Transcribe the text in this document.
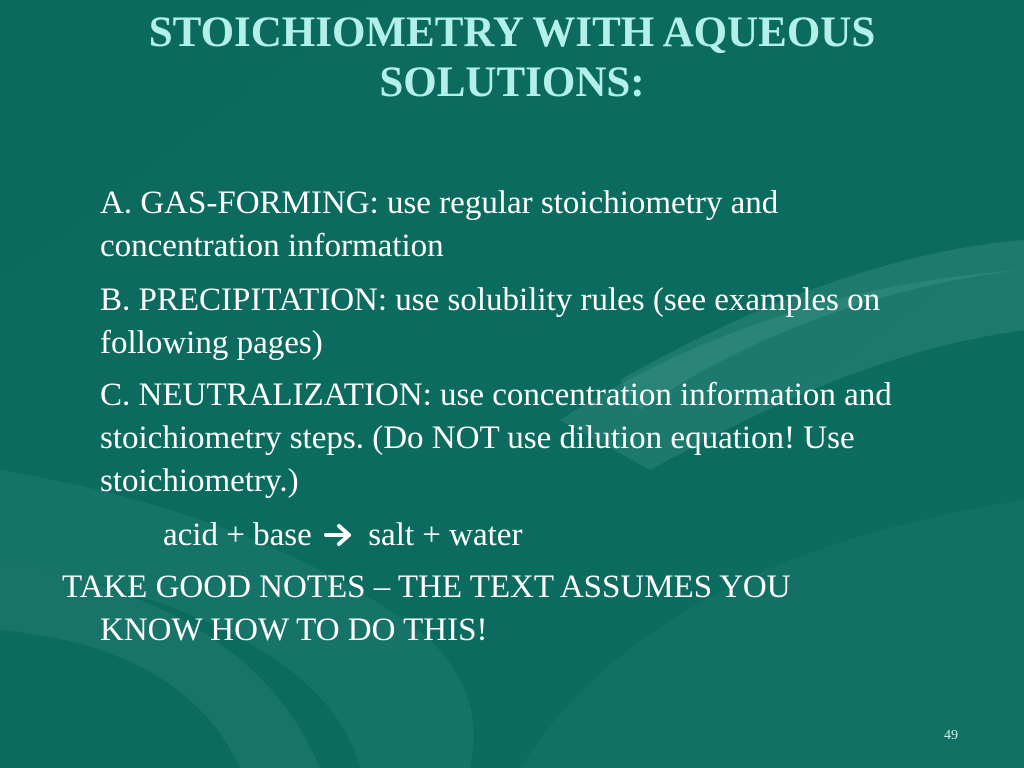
STOICHIOMETRY WITH AQUEOUS
SOLUTIONS:

A. GAS-FORMING: use regular stoichiometry and concentration information

B. PRECIPITATION: use solubility rules (see examples on following pages)

C. NEUTRALIZATION: use concentration information and stoichiometry steps. (Do NOT use dilution equation! Use stoichiometry.)

acid + base salt + water

TAKE GOOD NOTES – THE TEXT ASSUMES YOU
KNOW HOW TO DO THIS!

49
